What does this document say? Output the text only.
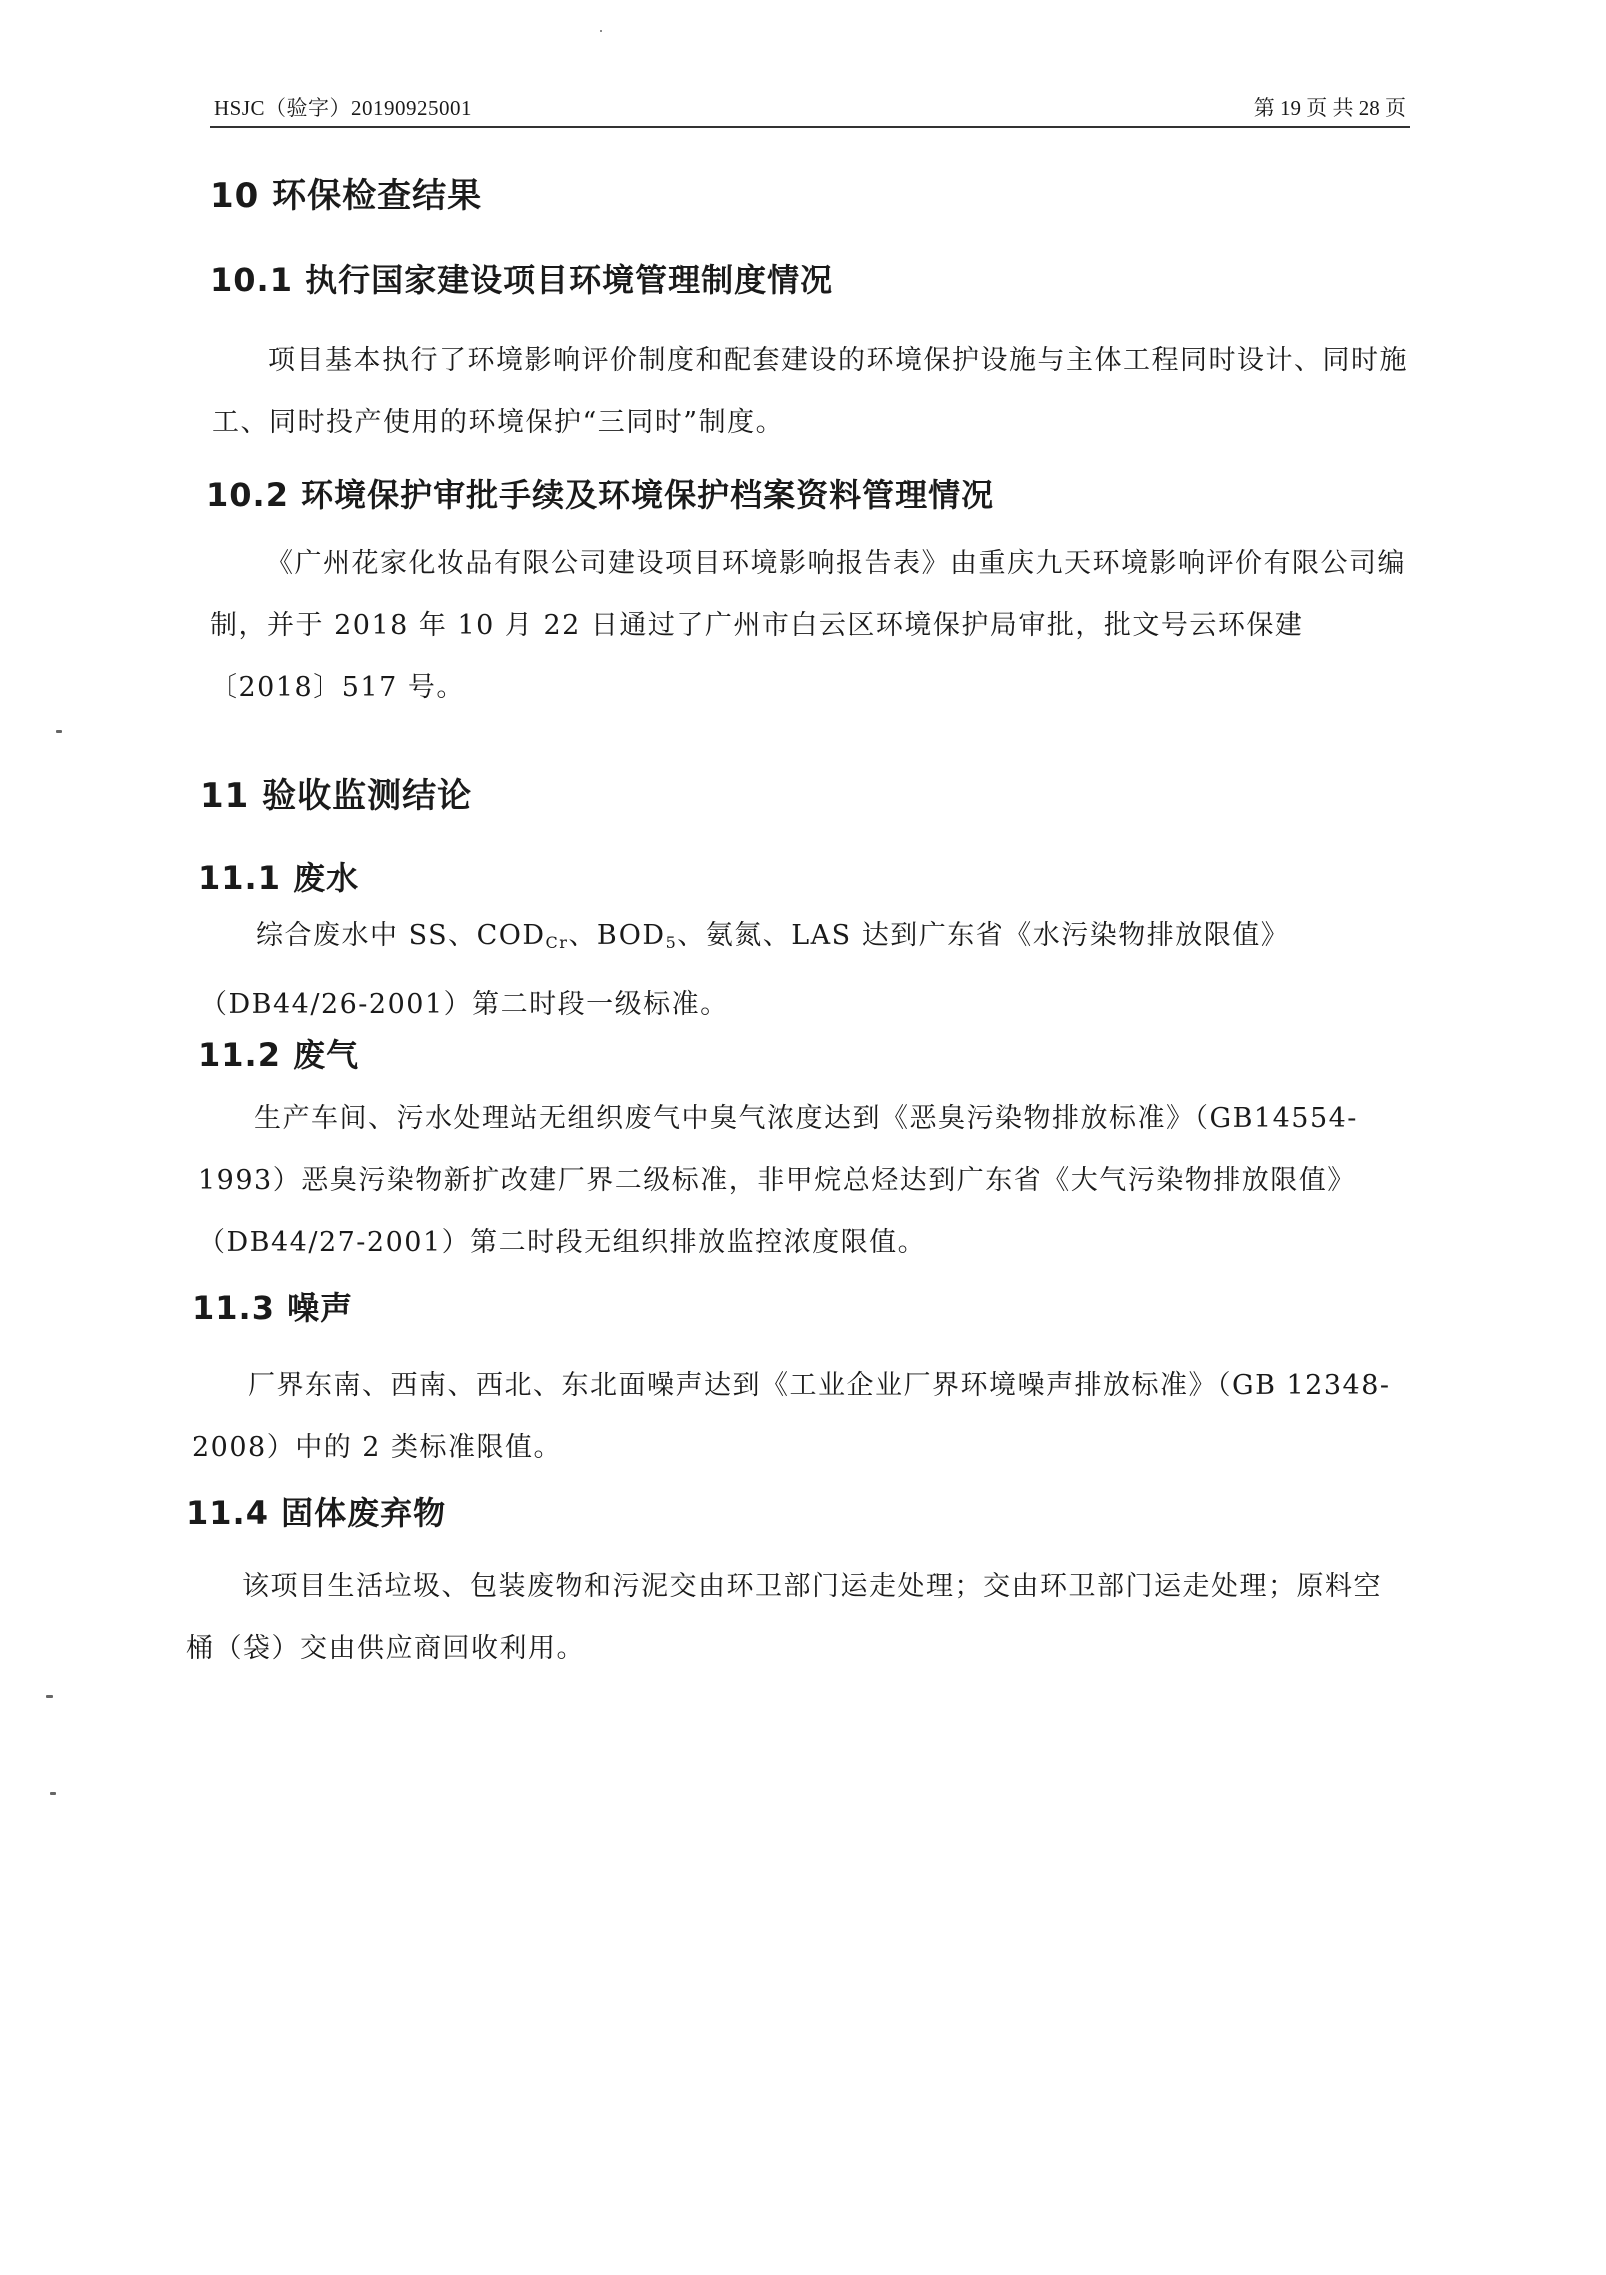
HSJC（验字）20190925001	第 19 页 共 28 页
10 环保检查结果
10.1 执行国家建设项目环境管理制度情况
项目基本执行了环境影响评价制度和配套建设的环境保护设施与主体工程同时设计、同时施工、同时投产使用的环境保护“三同时”制度。
10.2 环境保护审批手续及环境保护档案资料管理情况
《广州花家化妆品有限公司建设项目环境影响报告表》由重庆九天环境影响评价有限公司编制，并于 2018 年 10 月 22 日通过了广州市白云区环境保护局审批，批文号云环保建〔2018〕517 号。
11 验收监测结论
11.1 废水
综合废水中 SS、$COD_{Cr}$、$BOD_5$、氨氮、LAS 达到广东省《水污染物排放限值》（DB44/26-2001）第二时段一级标准。
11.2 废气
生产车间、污水处理站无组织废气中臭气浓度达到《恶臭污染物排放标准》（GB14554-1993）恶臭污染物新扩改建厂界二级标准，非甲烷总烃达到广东省《大气污染物排放限值》（DB44/27-2001）第二时段无组织排放监控浓度限值。
11.3 噪声
厂界东南、西南、西北、东北面噪声达到《工业企业厂界环境噪声排放标准》（GB 12348-2008）中的 2 类标准限值。
11.4 固体废弃物
该项目生活垃圾、包装废物和污泥交由环卫部门运走处理；交由环卫部门运走处理；原料空桶（袋）交由供应商回收利用。
